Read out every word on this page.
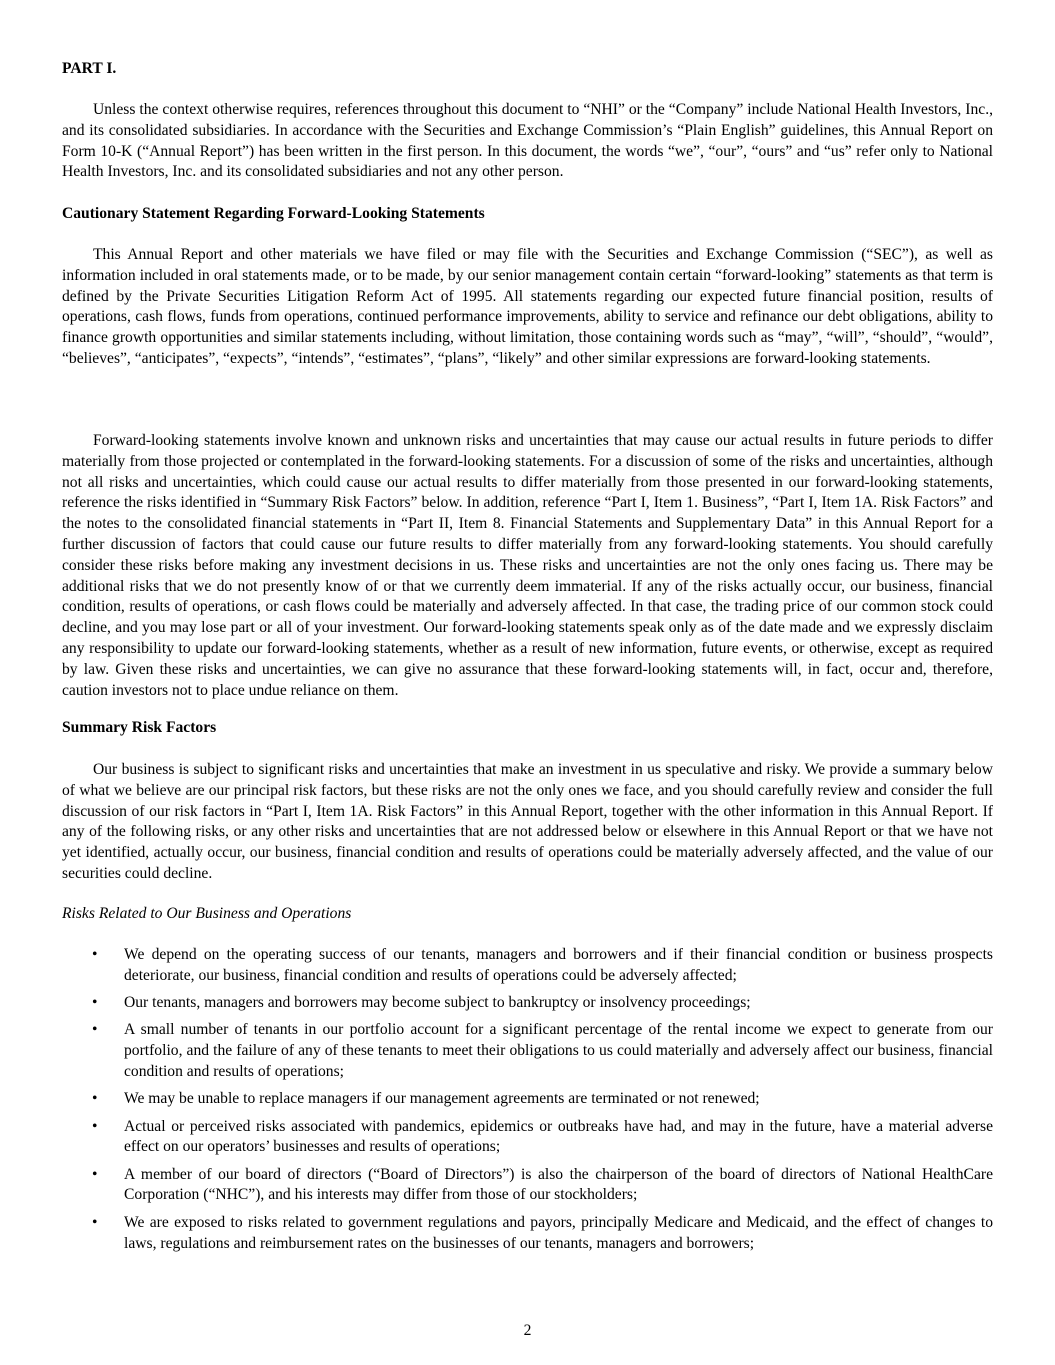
PART I.

Unless the context otherwise requires, references throughout this document to “NHI” or the “Company” include National Health Investors, Inc., and its consolidated subsidiaries. In accordance with the Securities and Exchange Commission’s “Plain English” guidelines, this Annual Report on Form 10-K (“Annual Report”) has been written in the first person. In this document, the words “we”, “our”, “ours” and “us” refer only to National Health Investors, Inc. and its consolidated subsidiaries and not any other person.

Cautionary Statement Regarding Forward-Looking Statements

This Annual Report and other materials we have filed or may file with the Securities and Exchange Commission (“SEC”), as well as information included in oral statements made, or to be made, by our senior management contain certain “forward-looking” statements as that term is defined by the Private Securities Litigation Reform Act of 1995. All statements regarding our expected future financial position, results of operations, cash flows, funds from operations, continued performance improvements, ability to service and refinance our debt obligations, ability to finance growth opportunities and similar statements including, without limitation, those containing words such as “may”, “will”, “should”, “would”, “believes”, “anticipates”, “expects”, “intends”, “estimates”, “plans”, “likely” and other similar expressions are forward-looking statements.

Forward-looking statements involve known and unknown risks and uncertainties that may cause our actual results in future periods to differ materially from those projected or contemplated in the forward-looking statements. For a discussion of some of the risks and uncertainties, although not all risks and uncertainties, which could cause our actual results to differ materially from those presented in our forward-looking statements, reference the risks identified in “Summary Risk Factors” below. In addition, reference “Part I, Item 1. Business”, “Part I, Item 1A. Risk Factors” and the notes to the consolidated financial statements in “Part II, Item 8. Financial Statements and Supplementary Data” in this Annual Report for a further discussion of factors that could cause our future results to differ materially from any forward-looking statements. You should carefully consider these risks before making any investment decisions in us. These risks and uncertainties are not the only ones facing us. There may be additional risks that we do not presently know of or that we currently deem immaterial. If any of the risks actually occur, our business, financial condition, results of operations, or cash flows could be materially and adversely affected. In that case, the trading price of our common stock could decline, and you may lose part or all of your investment. Our forward-looking statements speak only as of the date made and we expressly disclaim any responsibility to update our forward-looking statements, whether as a result of new information, future events, or otherwise, except as required by law. Given these risks and uncertainties, we can give no assurance that these forward-looking statements will, in fact, occur and, therefore, caution investors not to place undue reliance on them.

Summary Risk Factors

Our business is subject to significant risks and uncertainties that make an investment in us speculative and risky. We provide a summary below of what we believe are our principal risk factors, but these risks are not the only ones we face, and you should carefully review and consider the full discussion of our risk factors in “Part I, Item 1A. Risk Factors” in this Annual Report, together with the other information in this Annual Report. If any of the following risks, or any other risks and uncertainties that are not addressed below or elsewhere in this Annual Report or that we have not yet identified, actually occur, our business, financial condition and results of operations could be materially adversely affected, and the value of our securities could decline.

Risks Related to Our Business and Operations

• We depend on the operating success of our tenants, managers and borrowers and if their financial condition or business prospects deteriorate, our business, financial condition and results of operations could be adversely affected;
• Our tenants, managers and borrowers may become subject to bankruptcy or insolvency proceedings;
• A small number of tenants in our portfolio account for a significant percentage of the rental income we expect to generate from our portfolio, and the failure of any of these tenants to meet their obligations to us could materially and adversely affect our business, financial condition and results of operations;
• We may be unable to replace managers if our management agreements are terminated or not renewed;
• Actual or perceived risks associated with pandemics, epidemics or outbreaks have had, and may in the future, have a material adverse effect on our operators’ businesses and results of operations;
• A member of our board of directors (“Board of Directors”) is also the chairperson of the board of directors of National HealthCare Corporation (“NHC”), and his interests may differ from those of our stockholders;
• We are exposed to risks related to government regulations and payors, principally Medicare and Medicaid, and the effect of changes to laws, regulations and reimbursement rates on the businesses of our tenants, managers and borrowers;
2
